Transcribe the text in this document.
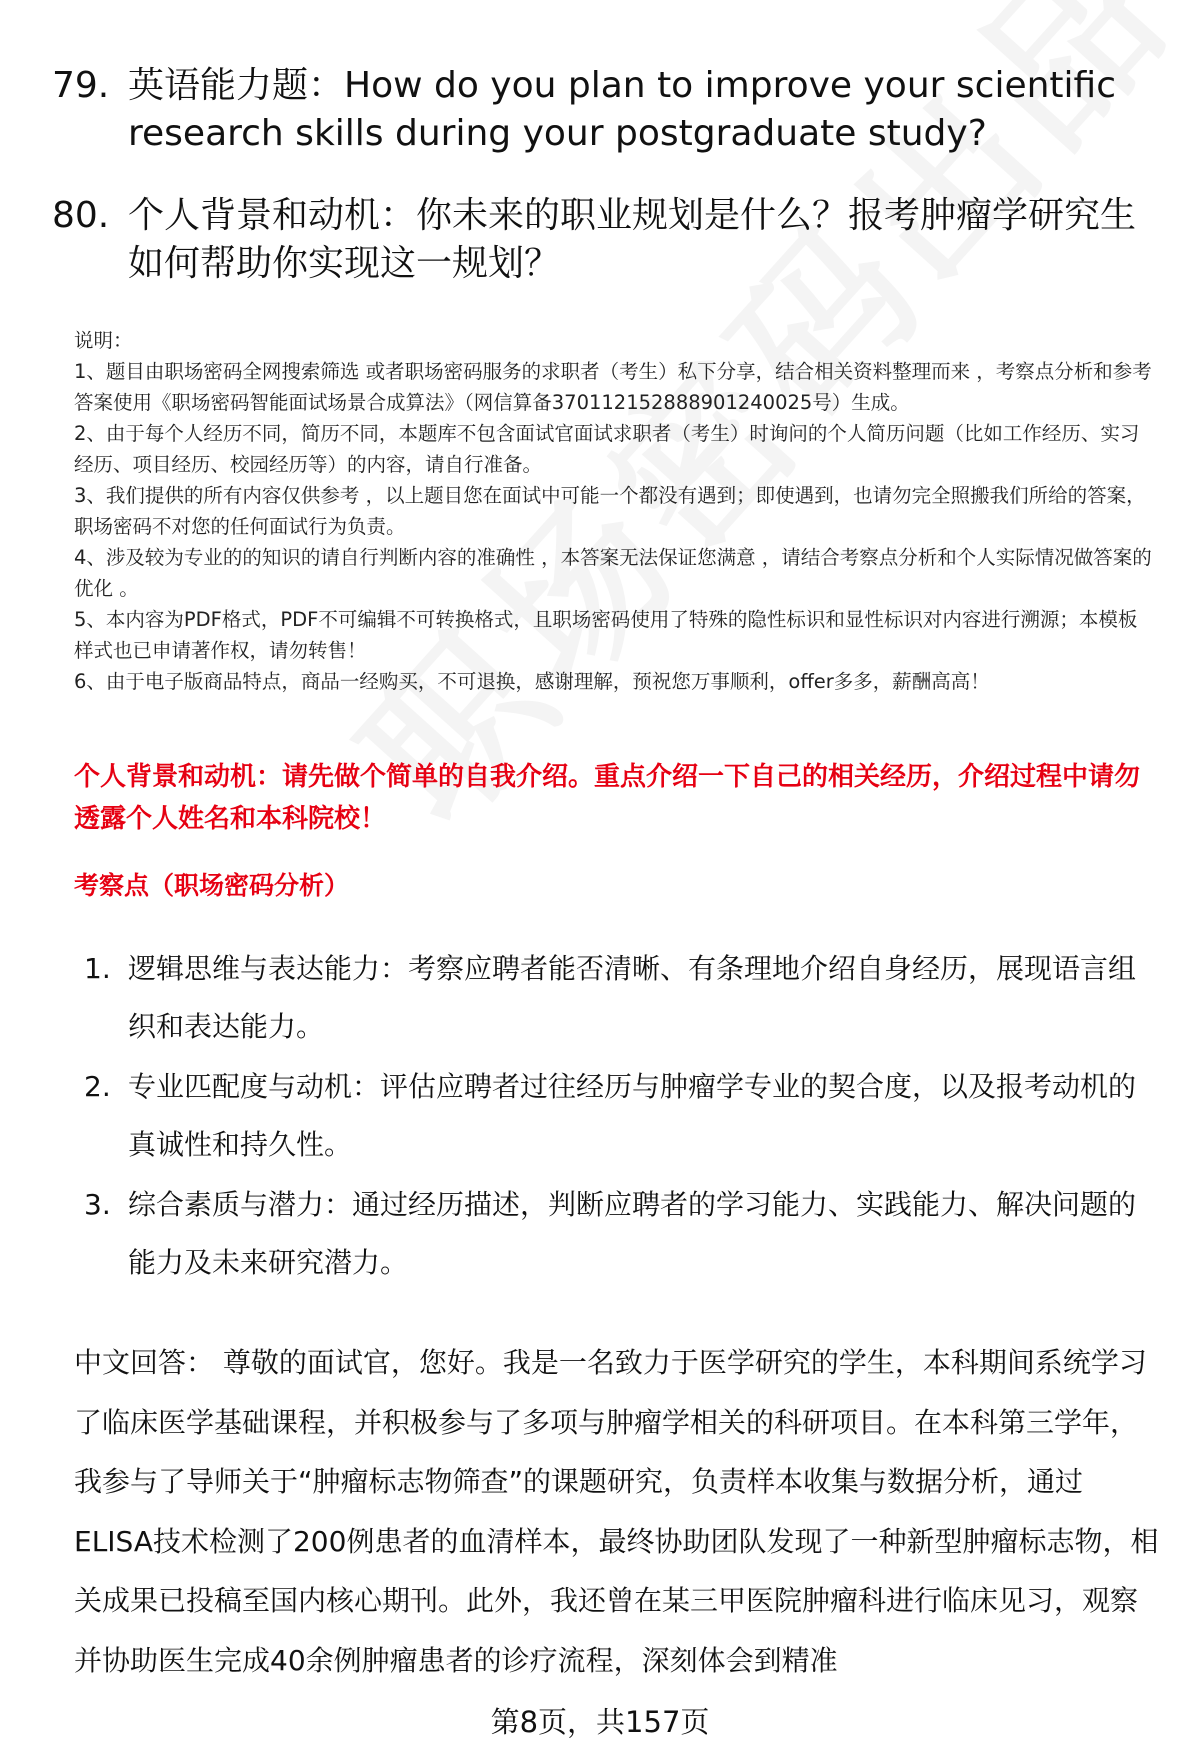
79. 英语能力题：How do you plan to improve your scientific research skills during your postgraduate study?
80. 个人背景和动机：你未来的职业规划是什么？报考肿瘤学研究生如何帮助你实现这一规划？

说明：

1、题目由职场密码全网搜索筛选 或者职场密码服务的求职者（考生）私下分享，结合相关资料整理而来 ，考察点分析和参考答案使用《职场密码智能面试场景合成算法》（网信算备370112152888901240025号）生成。

2、由于每个人经历不同，简历不同，本题库不包含面试官面试求职者（考生）时询问的个人简历问题（比如工作经历、实习经历、项目经历、校园经历等）的内容，请自行准备。

3、我们提供的所有内容仅供参考 ，以上题目您在面试中可能一个都没有遇到；即使遇到，也请勿完全照搬我们所给的答案，职场密码不对您的任何面试行为负责。

4、涉及较为专业的的知识的请自行判断内容的准确性 ，本答案无法保证您满意 ，请结合考察点分析和个人实际情况做答案的优化 。

5、本内容为PDF格式，PDF不可编辑不可转换格式，且职场密码使用了特殊的隐性标识和显性标识对内容进行溯源；本模板样式也已申请著作权，请勿转售！

6、由于电子版商品特点，商品一经购买，不可退换，感谢理解，预祝您万事顺利，offer多多，薪酬高高！

个人背景和动机：请先做个简单的自我介绍。重点介绍一下自己的相关经历，介绍过程中请勿透露个人姓名和本科院校！
考察点（职场密码分析）
1. 逻辑思维与表达能力：考察应聘者能否清晰、有条理地介绍自身经历，展现语言组织和表达能力。
2. 专业匹配度与动机：评估应聘者过往经历与肿瘤学专业的契合度，以及报考动机的真诚性和持久性。
3. 综合素质与潜力：通过经历描述，判断应聘者的学习能力、实践能力、解决问题的能力及未来研究潜力。
中文回答： 尊敬的面试官，您好。我是一名致力于医学研究的学生，本科期间系统学习了临床医学基础课程，并积极参与了多项与肿瘤学相关的科研项目。在本科第三学年，我参与了导师关于“肿瘤标志物筛查”的课题研究，负责样本收集与数据分析，通过ELISA技术检测了200例患者的血清样本，最终协助团队发现了一种新型肿瘤标志物，相关成果已投稿至国内核心期刊。此外，我还曾在某三甲医院肿瘤科进行临床见习，观察并协助医生完成40余例肿瘤患者的诊疗流程，深刻体会到精准
第8页，共157页
